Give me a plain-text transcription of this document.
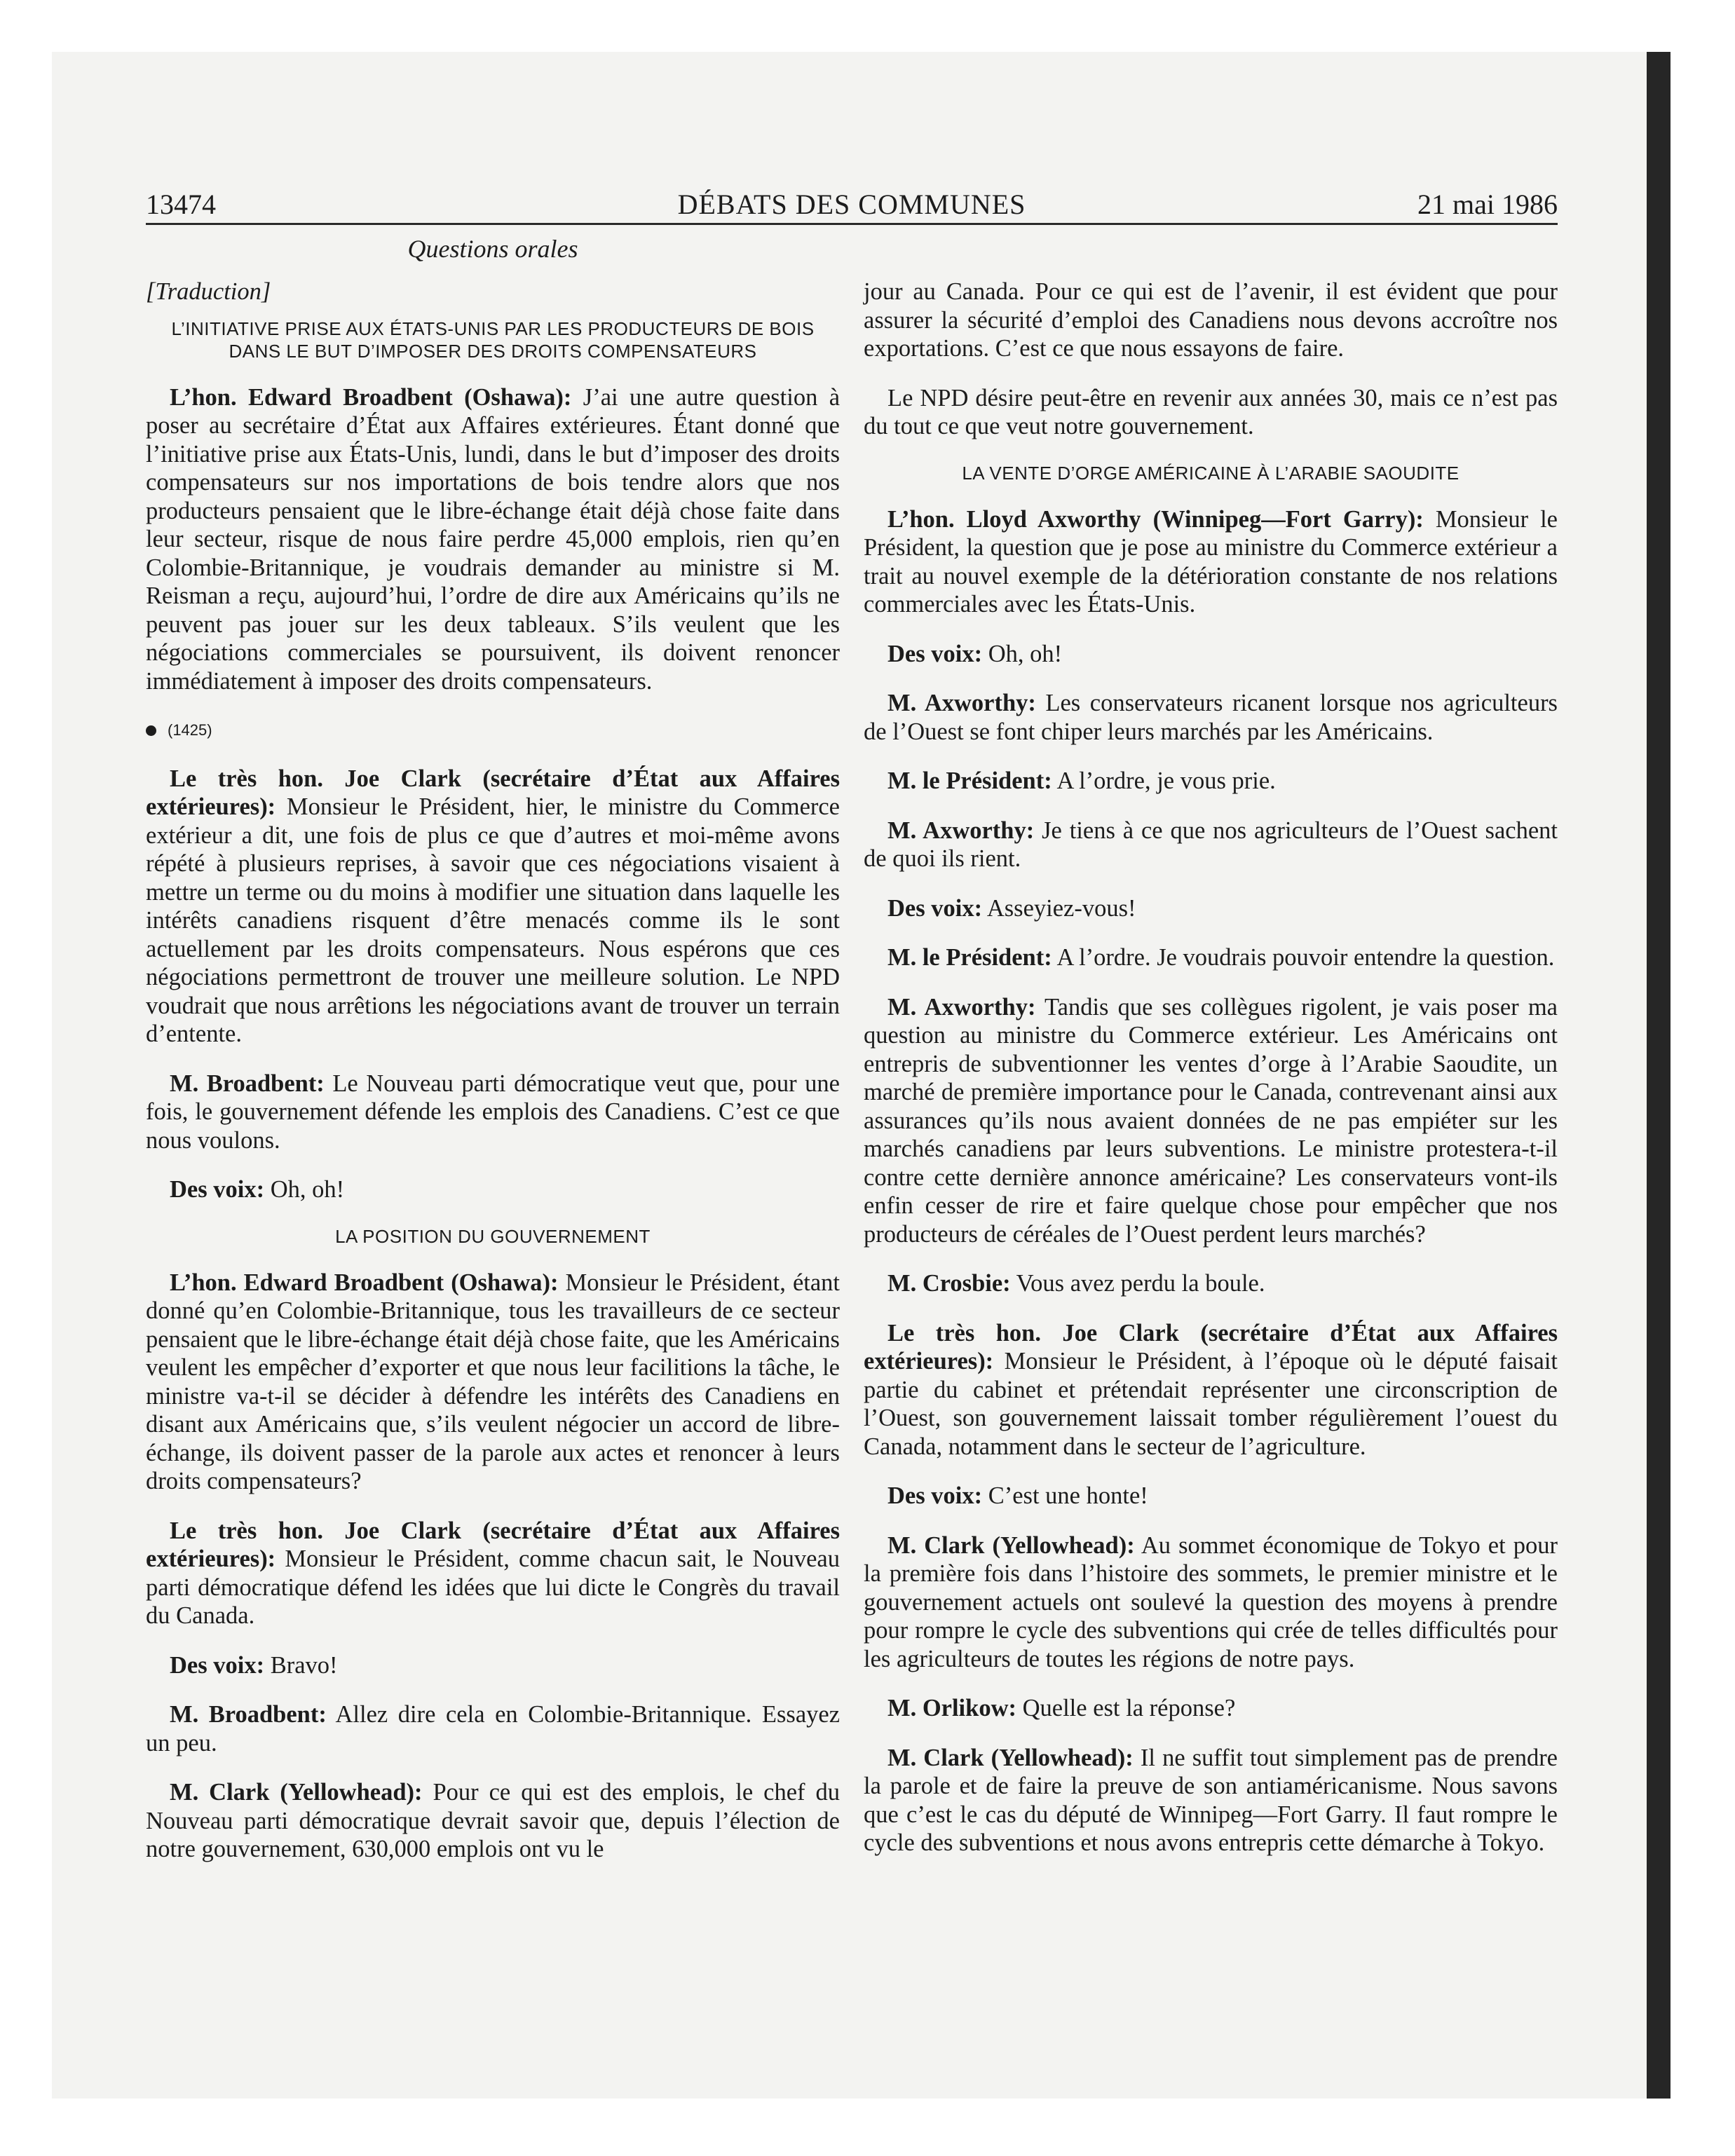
13474	DÉBATS DES COMMUNES	21 mai 1986
Questions orales

[Traduction]

L’INITIATIVE PRISE AUX ÉTATS-UNIS PAR LES PRODUCTEURS DE BOIS DANS LE BUT D’IMPOSER DES DROITS COMPENSATEURS

L’hon. Edward Broadbent (Oshawa): J’ai une autre question à poser au secrétaire d’État aux Affaires extérieures. Étant donné que l’initiative prise aux États-Unis, lundi, dans le but d’imposer des droits compensateurs sur nos importations de bois tendre alors que nos producteurs pensaient que le libre-échange était déjà chose faite dans leur secteur, risque de nous faire perdre 45,000 emplois, rien qu’en Colombie-Britannique, je voudrais demander au ministre si M. Reisman a reçu, aujourd’hui, l’ordre de dire aux Américains qu’ils ne peuvent pas jouer sur les deux tableaux. S’ils veulent que les négociations commerciales se poursuivent, ils doivent renoncer immédiatement à imposer des droits compensateurs.

(1425)

Le très hon. Joe Clark (secrétaire d’État aux Affaires extérieures): Monsieur le Président, hier, le ministre du Commerce extérieur a dit, une fois de plus ce que d’autres et moi-même avons répété à plusieurs reprises, à savoir que ces négociations visaient à mettre un terme ou du moins à modifier une situation dans laquelle les intérêts canadiens risquent d’être menacés comme ils le sont actuellement par les droits compensateurs. Nous espérons que ces négociations permettront de trouver une meilleure solution. Le NPD voudrait que nous arrêtions les négociations avant de trouver un terrain d’entente.

M. Broadbent: Le Nouveau parti démocratique veut que, pour une fois, le gouvernement défende les emplois des Canadiens. C’est ce que nous voulons.

Des voix: Oh, oh!

LA POSITION DU GOUVERNEMENT

L’hon. Edward Broadbent (Oshawa): Monsieur le Président, étant donné qu’en Colombie-Britannique, tous les travailleurs de ce secteur pensaient que le libre-échange était déjà chose faite, que les Américains veulent les empêcher d’exporter et que nous leur facilitions la tâche, le ministre va-t-il se décider à défendre les intérêts des Canadiens en disant aux Américains que, s’ils veulent négocier un accord de libre-échange, ils doivent passer de la parole aux actes et renoncer à leurs droits compensateurs?

Le très hon. Joe Clark (secrétaire d’État aux Affaires extérieures): Monsieur le Président, comme chacun sait, le Nouveau parti démocratique défend les idées que lui dicte le Congrès du travail du Canada.

Des voix: Bravo!

M. Broadbent: Allez dire cela en Colombie-Britannique. Essayez un peu.

M. Clark (Yellowhead): Pour ce qui est des emplois, le chef du Nouveau parti démocratique devrait savoir que, depuis l’élection de notre gouvernement, 630,000 emplois ont vu le

jour au Canada. Pour ce qui est de l’avenir, il est évident que pour assurer la sécurité d’emploi des Canadiens nous devons accroître nos exportations. C’est ce que nous essayons de faire.

Le NPD désire peut-être en revenir aux années 30, mais ce n’est pas du tout ce que veut notre gouvernement.

LA VENTE D’ORGE AMÉRICAINE À L’ARABIE SAOUDITE

L’hon. Lloyd Axworthy (Winnipeg—Fort Garry): Monsieur le Président, la question que je pose au ministre du Commerce extérieur a trait au nouvel exemple de la détérioration constante de nos relations commerciales avec les États-Unis.

Des voix: Oh, oh!

M. Axworthy: Les conservateurs ricanent lorsque nos agriculteurs de l’Ouest se font chiper leurs marchés par les Américains.

M. le Président: A l’ordre, je vous prie.

M. Axworthy: Je tiens à ce que nos agriculteurs de l’Ouest sachent de quoi ils rient.

Des voix: Asseyiez-vous!

M. le Président: A l’ordre. Je voudrais pouvoir entendre la question.

M. Axworthy: Tandis que ses collègues rigolent, je vais poser ma question au ministre du Commerce extérieur. Les Américains ont entrepris de subventionner les ventes d’orge à l’Arabie Saoudite, un marché de première importance pour le Canada, contrevenant ainsi aux assurances qu’ils nous avaient données de ne pas empiéter sur les marchés canadiens par leurs subventions. Le ministre protestera-t-il contre cette dernière annonce américaine? Les conservateurs vont-ils enfin cesser de rire et faire quelque chose pour empêcher que nos producteurs de céréales de l’Ouest perdent leurs marchés?

M. Crosbie: Vous avez perdu la boule.

Le très hon. Joe Clark (secrétaire d’État aux Affaires extérieures): Monsieur le Président, à l’époque où le député faisait partie du cabinet et prétendait représenter une circonscription de l’Ouest, son gouvernement laissait tomber régulièrement l’ouest du Canada, notamment dans le secteur de l’agriculture.

Des voix: C’est une honte!

M. Clark (Yellowhead): Au sommet économique de Tokyo et pour la première fois dans l’histoire des sommets, le premier ministre et le gouvernement actuels ont soulevé la question des moyens à prendre pour rompre le cycle des subventions qui crée de telles difficultés pour les agriculteurs de toutes les régions de notre pays.

M. Orlikow: Quelle est la réponse?

M. Clark (Yellowhead): Il ne suffit tout simplement pas de prendre la parole et de faire la preuve de son antiaméricanisme. Nous savons que c’est le cas du député de Winnipeg—Fort Garry. Il faut rompre le cycle des subventions et nous avons entrepris cette démarche à Tokyo.
